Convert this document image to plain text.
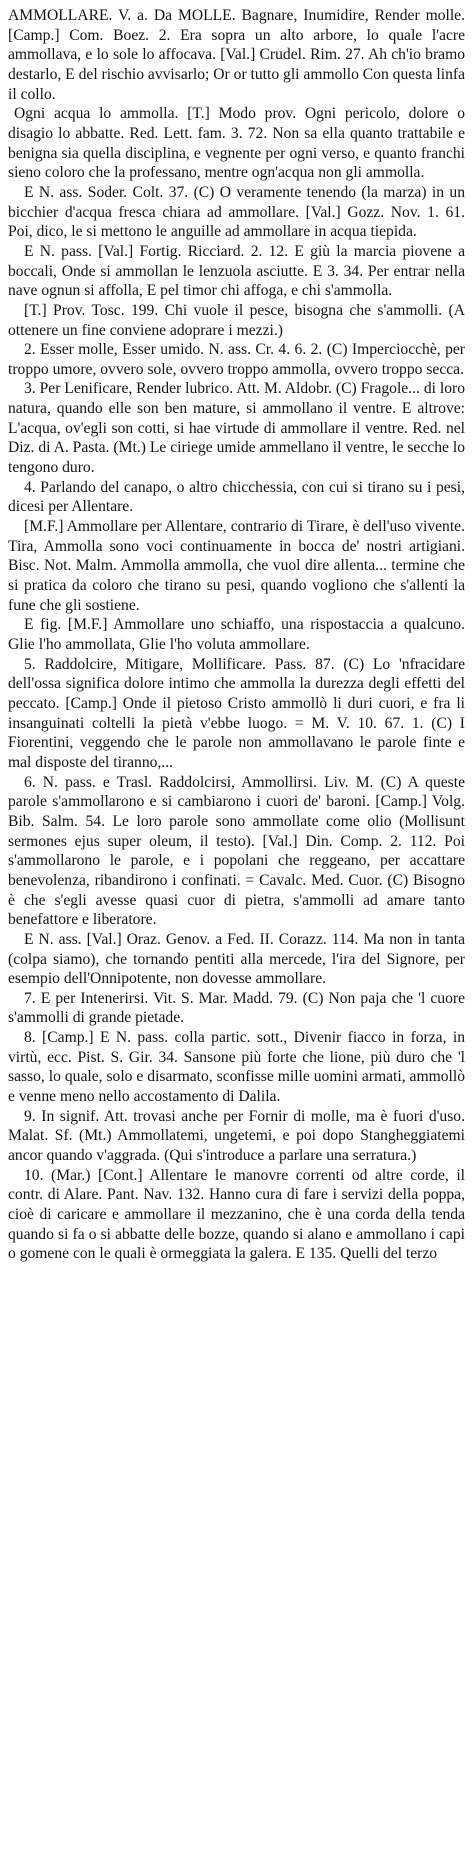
AMMOLLARE. V. a. Da MOLLE. Bagnare, Inumidire, Render molle. [Camp.] Com. Boez. 2. Era sopra un alto arbore, lo quale l'acre ammollava, e lo sole lo affocava. [Val.] Crudel. Rim. 27. Ah ch'io bramo destarlo, E del rischio avvisarlo; Or or tutto gli ammollo Con questa linfa il collo.

Ogni acqua lo ammolla. [T.] Modo prov. Ogni pericolo, dolore o disagio lo abbatte. Red. Lett. fam. 3. 72. Non sa ella quanto trattabile e benigna sia quella disciplina, e vegnente per ogni verso, e quanto franchi sieno coloro che la professano, mentre ogn'acqua non gli ammolla.

E N. ass. Soder. Colt. 37. (C) O veramente tenendo (la marza) in un bicchier d'acqua fresca chiara ad ammollare. [Val.] Gozz. Nov. 1. 61. Poi, dico, le si mettono le anguille ad ammollare in acqua tiepida.

E N. pass. [Val.] Fortig. Ricciard. 2. 12. E giù la marcia piovene a boccali, Onde si ammollan le lenzuola asciutte. E 3. 34. Per entrar nella nave ognun si affolla, E pel timor chi affoga, e chi s'ammolla.

[T.] Prov. Tosc. 199. Chi vuole il pesce, bisogna che s'ammolli. (A ottenere un fine conviene adoprare i mezzi.)

2. Esser molle, Esser umido. N. ass. Cr. 4. 6. 2. (C) Imperciocchè, per troppo umore, ovvero sole, ovvero troppo ammolla, ovvero troppo secca.

3. Per Lenificare, Render lubrico. Att. M. Aldobr. (C) Fragole... di loro natura, quando elle son ben mature, si ammollano il ventre. E altrove: L'acqua, ov'egli son cotti, si hae virtude di ammollare il ventre. Red. nel Diz. di A. Pasta. (Mt.) Le ciriege umide ammellano il ventre, le secche lo tengono duro.

4. Parlando del canapo, o altro chicchessia, con cui si tirano su i pesi, dicesi per Allentare.

[M.F.] Ammollare per Allentare, contrario di Tirare, è dell'uso vivente. Tira, Ammolla sono voci continuamente in bocca de' nostri artigiani. Bisc. Not. Malm. Ammolla ammolla, che vuol dire allenta... termine che si pratica da coloro che tirano su pesi, quando vogliono che s'allenti la fune che gli sostiene.

E fig. [M.F.] Ammollare uno schiaffo, una rispostaccia a qualcuno. Glie l'ho ammollata, Glie l'ho voluta ammollare.

5. Raddolcire, Mitigare, Mollificare. Pass. 87. (C) Lo 'nfracidare dell'ossa significa dolore intimo che ammolla la durezza degli effetti del peccato. [Camp.] Onde il pietoso Cristo ammollò li duri cuori, e fra li insanguinati coltelli la pietà v'ebbe luogo. = M. V. 10. 67. 1. (C) I Fiorentini, veggendo che le parole non ammollavano le parole finte e mal disposte del tiranno,...

6. N. pass. e Trasl. Raddolcirsi, Ammollirsi. Liv. M. (C) A queste parole s'ammollarono e si cambiarono i cuori de' baroni. [Camp.] Volg. Bib. Salm. 54. Le loro parole sono ammollate come olio (Mollisunt sermones ejus super oleum, il testo). [Val.] Din. Comp. 2. 112. Poi s'ammollarono le parole, e i popolani che reggeano, per accattare benevolenza, ribandirono i confinati. = Cavalc. Med. Cuor. (C) Bisogno è che s'egli avesse quasi cuor di pietra, s'ammolli ad amare tanto benefattore e liberatore.

E N. ass. [Val.] Oraz. Genov. a Fed. II. Corazz. 114. Ma non in tanta (colpa siamo), che tornando pentiti alla mercede, l'ira del Signore, per esempio dell'Onnipotente, non dovesse ammollare.

7. E per Intenerirsi. Vit. S. Mar. Madd. 79. (C) Non pajа che 'l cuore s'ammolli di grande pietade.

8. [Camp.] E N. pass. colla partic. sott., Divenir fiacco in forza, in virtù, ecc. Pist. S. Gir. 34. Sansone più forte che lione, più duro che 'l sasso, lo quale, solo e disarmato, sconfisse mille uomini armati, ammollò e venne meno nello accostamento di Dalila.

9. In signif. Att. trovasi anche per Fornir di molle, ma è fuori d'uso. Malat. Sf. (Mt.) Ammollatemi, ungetemi, e poi dopo Stangheggiatemi ancor quando v'aggrada. (Qui s'introduce a parlare una serratura.)

10. (Mar.) [Cont.] Allentare le manovre correnti od altre corde, il contr. di Alare. Pant. Nav. 132. Hanno cura di fare i servizi della poppa, cioè di caricare e ammollare il mezzanino, che è una corda della tenda quando si fa o si abbatte delle bozze, quando si alano e ammollano i capi o gomene con le quali è ormeggiata la galera. E 135. Quelli del terzo
